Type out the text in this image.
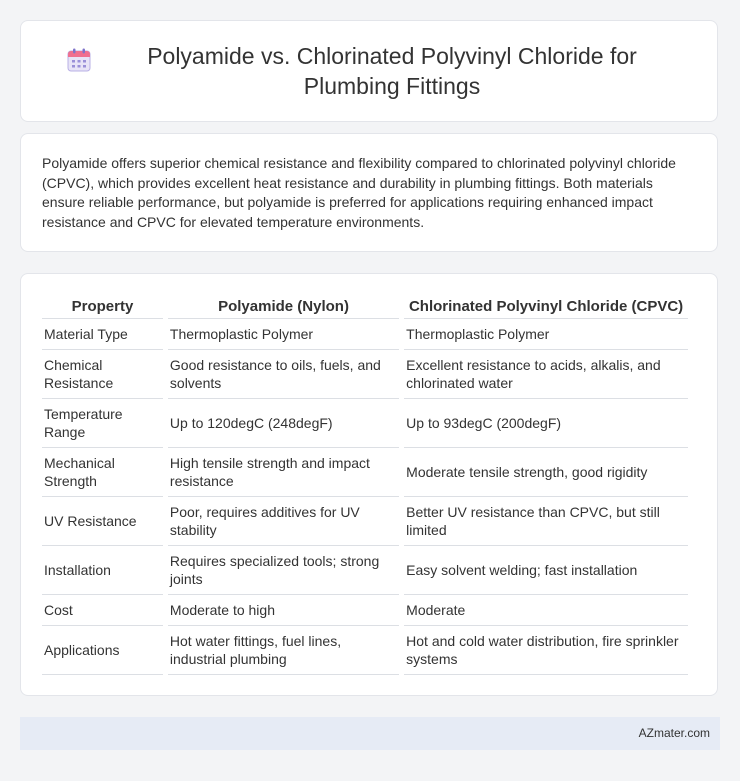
Polyamide vs. Chlorinated Polyvinyl Chloride for Plumbing Fittings

Polyamide offers superior chemical resistance and flexibility compared to chlorinated polyvinyl chloride (CPVC), which provides excellent heat resistance and durability in plumbing fittings. Both materials ensure reliable performance, but polyamide is preferred for applications requiring enhanced impact resistance and CPVC for elevated temperature environments.

Property	Polyamide (Nylon)	Chlorinated Polyvinyl Chloride (CPVC)
Material Type	Thermoplastic Polymer	Thermoplastic Polymer
Chemical Resistance	Good resistance to oils, fuels, and solvents	Excellent resistance to acids, alkalis, and chlorinated water
Temperature Range	Up to 120degC (248degF)	Up to 93degC (200degF)
Mechanical Strength	High tensile strength and impact resistance	Moderate tensile strength, good rigidity
UV Resistance	Poor, requires additives for UV stability	Better UV resistance than CPVC, but still limited
Installation	Requires specialized tools; strong joints	Easy solvent welding; fast installation
Cost	Moderate to high	Moderate
Applications	Hot water fittings, fuel lines, industrial plumbing	Hot and cold water distribution, fire sprinkler systems
AZmater.com
